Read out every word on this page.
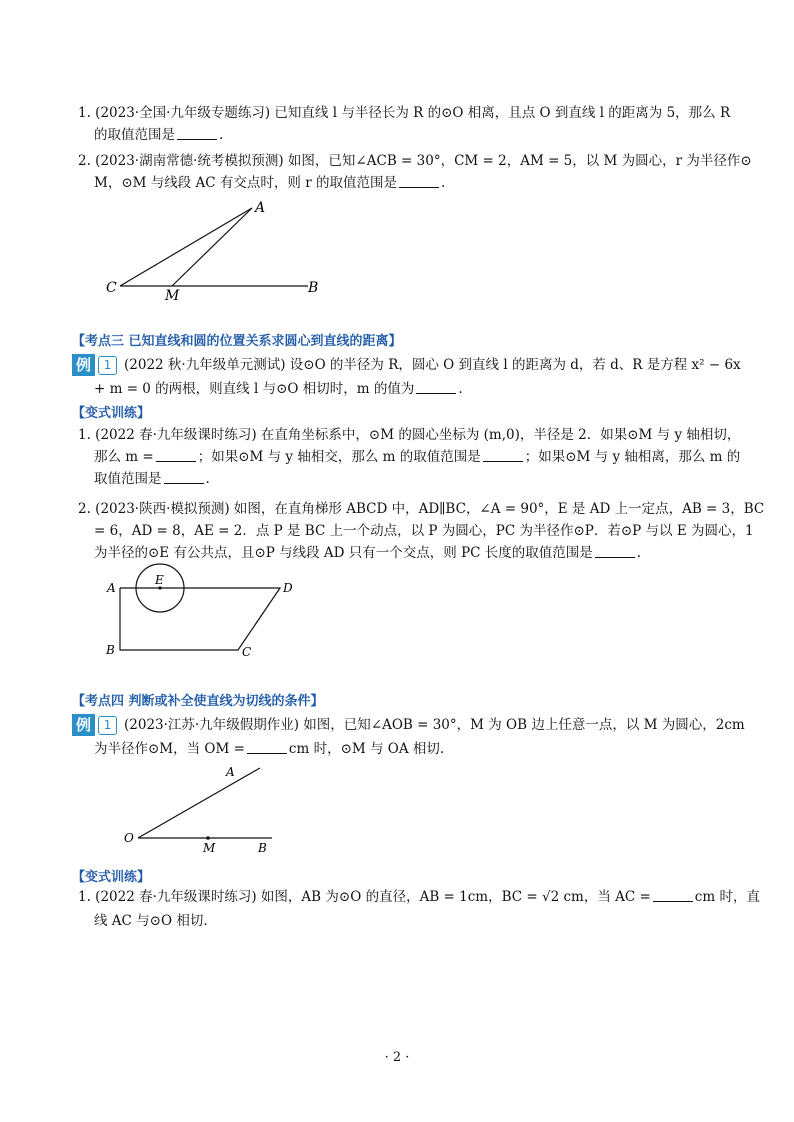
1. (2023·全国·九年级专题练习) 已知直线 l 与半径长为 R 的⊙O 相离，且点 O 到直线 l 的距离为 5，那么 R
的取值范围是	.
2. (2023·湖南常德·统考模拟预测) 如图，已知∠ACB = 30°，CM = 2，AM = 5，以 M 为圆心，r 为半径作⊙
M，⊙M 与线段 AC 有交点时，则 r 的取值范围是	.
A
C	M	B
【考点三 已知直线和圆的位置关系求圆心到直线的距离】
例	1 (2022 秋·九年级单元测试) 设⊙O 的半径为 R，圆心 O 到直线 l 的距离为 d，若 d、R 是方程 x² − 6x
+ m = 0 的两根，则直线 l 与⊙O 相切时，m 的值为	.
【变式训练】
1. (2022 春·九年级课时练习) 在直角坐标系中，⊙M 的圆心坐标为 (m,0)，半径是 2．如果⊙M 与 y 轴相切，
那么 m =	；如果⊙M 与 y 轴相交，那么 m 的取值范围是	；如果⊙M 与 y 轴相离，那么 m 的
取值范围是	.
2. (2023·陕西·模拟预测) 如图，在直角梯形 ABCD 中，AD∥BC，∠A = 90°，E 是 AD 上一定点，AB = 3，BC
= 6，AD = 8，AE = 2．点 P 是 BC 上一个动点，以 P 为圆心，PC 为半径作⊙P．若⊙P 与以 E 为圆心，1
为半径的⊙E 有公共点，且⊙P 与线段 AD 只有一个交点，则 PC 长度的取值范围是	.
A
E
D
B	C
【考点四 判断或补全使直线为切线的条件】
例	1 (2023·江苏·九年级假期作业) 如图，已知∠AOB = 30°，M 为 OB 边上任意一点，以 M 为圆心，2cm
为半径作⊙M，当 OM =	cm 时，⊙M 与 OA 相切.
A
O
M	B
【变式训练】
1. (2022 春·九年级课时练习) 如图，AB 为⊙O 的直径，AB = 1cm，BC = √2 cm，当 AC =	cm 时，直
线 AC 与⊙O 相切.
· 2 ·
